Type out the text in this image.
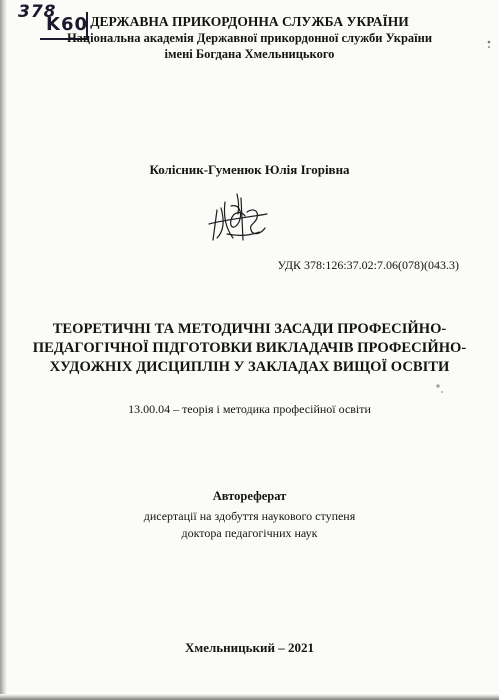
378
K60 ДЕРЖАВНА ПРИКОРДОННА СЛУЖБА УКРАЇНИ
Національна академія Державної прикордонної служби України
імені Богдана Хмельницького
Колісник-Гуменюк Юлія Ігорівна
УДК 378:126:37.02:7.06(078)(043.3)
ТЕОРЕТИЧНІ ТА МЕТОДИЧНІ ЗАСАДИ ПРОФЕСІЙНО-
ПЕДАГОГІЧНОЇ ПІДГОТОВКИ ВИКЛАДАЧІВ ПРОФЕСІЙНО-
ХУДОЖНІХ ДИСЦИПЛІН У ЗАКЛАДАХ ВИЩОЇ ОСВІТИ
13.00.04 – теорія і методика професійної освіти
Автореферат
дисертації на здобуття наукового ступеня
доктора педагогічних наук
Хмельницький – 2021
